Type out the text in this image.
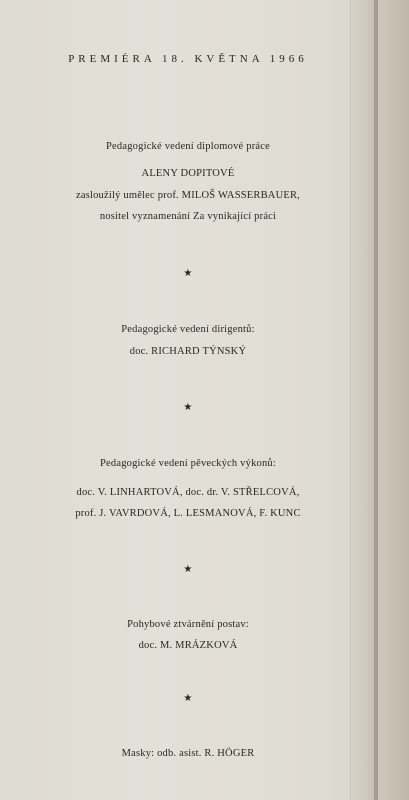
PREMIÉRA 18. KVĚTNA 1966
Pedagogické vedení diplomové práce
ALENY DOPITOVÉ
zasloužilý umělec prof. MILOŠ WASSERBAUER,
nositel vyznamenání Za vynikající práci
★
Pedagogické vedení dirigentů:
doc. RICHARD TÝNSKÝ
★
Pedagogické vedení pěveckých výkonů:
doc. V. LINHARTOVÁ, doc. dr. V. STŘELCOVÁ,
prof. J. VAVRDOVÁ, L. LESMANOVÁ, F. KUNC
★
Pohybové ztvárnění postav:
doc. M. MRÁZKOVÁ
★
Masky: odb. asist. R. HÖGER
